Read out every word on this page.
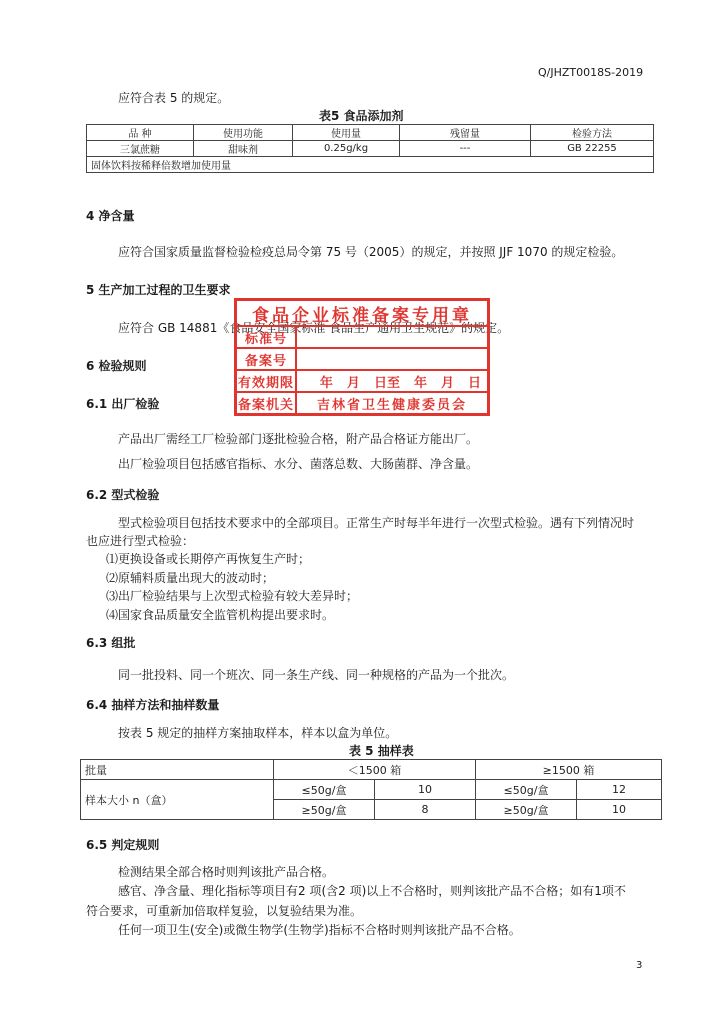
Q/JHZT0018S-2019
应符合表 5 的规定。
表5 食品添加剂
品 种	使用功能	使用量	残留量	检验方法
三氯蔗糖	甜味剂	0.25g/kg	---	GB 22255
固体饮料按稀释倍数增加使用量				
4 净含量
应符合国家质量监督检验检疫总局令第 75 号（2005）的规定，并按照 JJF 1070 的规定检验。
5 生产加工过程的卫生要求
应符合 GB 14881《食品安全国家标准 食品生产通用卫生规范》的规定。
6 检验规则
6.1 出厂检验
产品出厂需经工厂检验部门逐批检验合格，附产品合格证方能出厂。
出厂检验项目包括感官指标、水分、菌落总数、大肠菌群、净含量。
6.2 型式检验
型式检验项目包括技术要求中的全部项目。正常生产时每半年进行一次型式检验。遇有下列情况时
也应进行型式检验：
⑴更换设备或长期停产再恢复生产时；
⑵原辅料质量出现大的波动时；
⑶出厂检验结果与上次型式检验有较大差异时；
⑷国家食品质量安全监管机构提出要求时。
6.3 组批
同一批投料、同一个班次、同一条生产线、同一种规格的产品为一个批次。
6.4 抽样方法和抽样数量
按表 5 规定的抽样方案抽取样本，样本以盒为单位。
表 5 抽样表
批量	＜1500 箱		≥1500 箱	
样本大小 n（盒）	≤50g/盒	10	≤50g/盒	12
	≥50g/盒	8	≥50g/盒	10
6.5 判定规则
检测结果全部合格时则判该批产品合格。
感官、净含量、理化指标等项目有2 项(含2 项)以上不合格时，则判该批产品不合格；如有1项不
符合要求，可重新加倍取样复验，以复验结果为准。
任何一项卫生(安全)或微生物学(生物学)指标不合格时则判该批产品不合格。
食品企业标准备案专用章
标准号
备案号
有效期限 年 月 日至 年 月 日
备案机关	吉林省卫生健康委员会
3
